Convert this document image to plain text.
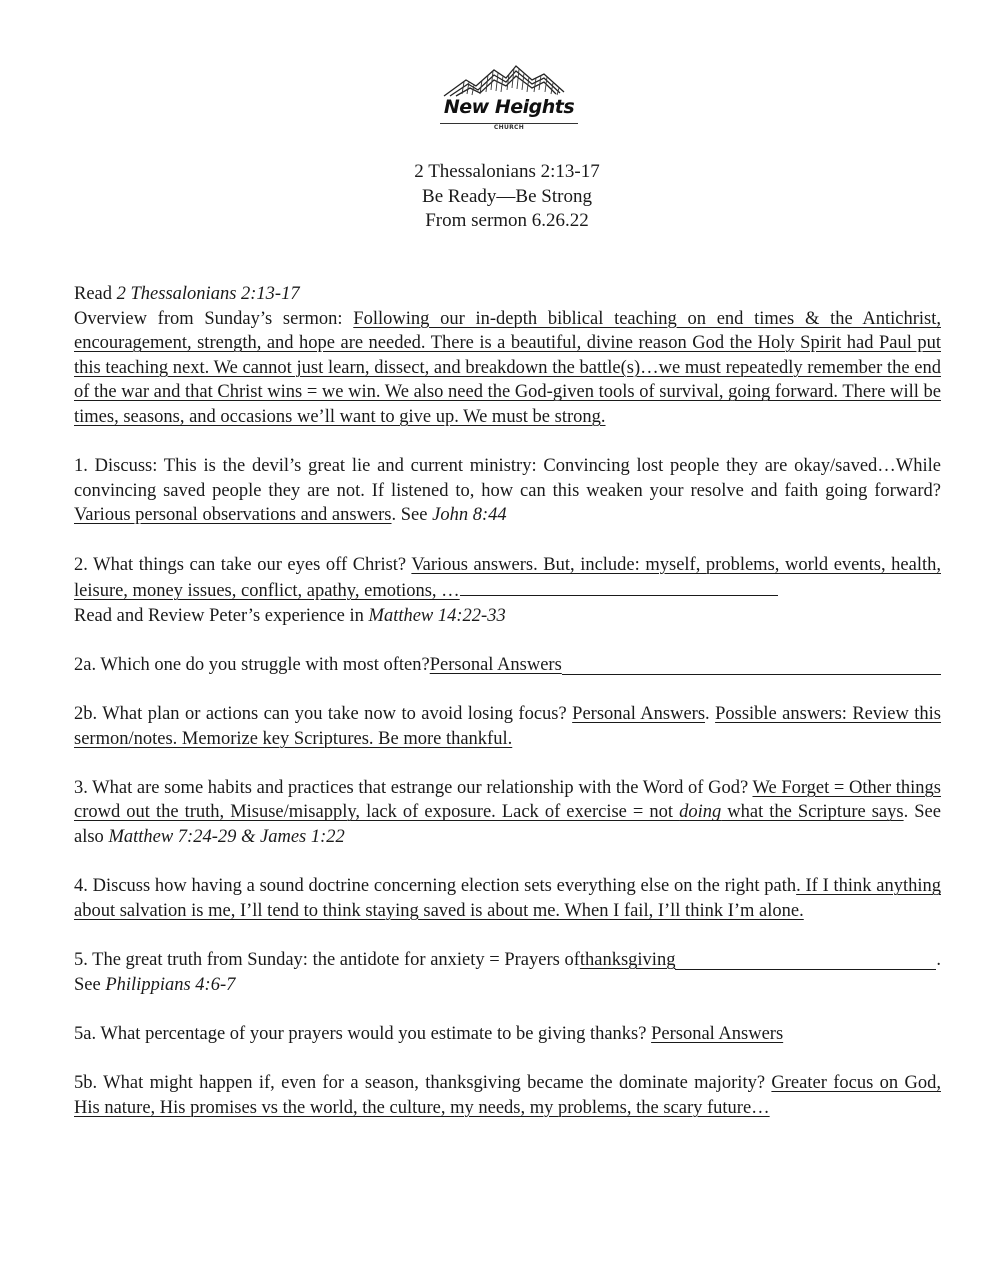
New Heights
CHURCH
2 Thessalonians 2:13-17
Be Ready—Be Strong
From sermon 6.26.22

Read 2 Thessalonians 2:13-17

Overview from Sunday’s sermon: Following our in-depth biblical teaching on end times & the Antichrist, encouragement, strength, and hope are needed. There is a beautiful, divine reason God the Holy Spirit had Paul put this teaching next. We cannot just learn, dissect, and breakdown the battle(s)…we must repeatedly remember the end of the war and that Christ wins = we win. We also need the God-given tools of survival, going forward. There will be times, seasons, and occasions we’ll want to give up. We must be strong.

1. Discuss: This is the devil’s great lie and current ministry: Convincing lost people they are okay/saved…While convincing saved people they are not. If listened to, how can this weaken your resolve and faith going forward? Various personal observations and answers. See John 8:44

2. What things can take our eyes off Christ? Various answers. But, include: myself, problems, world events, health, leisure, money issues, conflict, apathy, emotions, …

Read and Review Peter’s experience in Matthew 14:22-33

2a. Which one do you struggle with most often? Personal Answers

2b. What plan or actions can you take now to avoid losing focus? Personal Answers. Possible answers: Review this sermon/notes. Memorize key Scriptures. Be more thankful.

3. What are some habits and practices that estrange our relationship with the Word of God? We Forget = Other things crowd out the truth, Misuse/misapply, lack of exposure. Lack of exercise = not doing what the Scripture says. See also Matthew 7:24-29 & James 1:22

4. Discuss how having a sound doctrine concerning election sets everything else on the right path. If I think anything about salvation is me, I’ll tend to think staying saved is about me. When I fail, I’ll think I’m alone.

5. The great truth from Sunday: the antidote for anxiety = Prayers of thanksgiving	.

See Philippians 4:6-7

5a. What percentage of your prayers would you estimate to be giving thanks? Personal Answers

5b. What might happen if, even for a season, thanksgiving became the dominate majority? Greater focus on God, His nature, His promises vs the world, the culture, my needs, my problems, the scary future…
